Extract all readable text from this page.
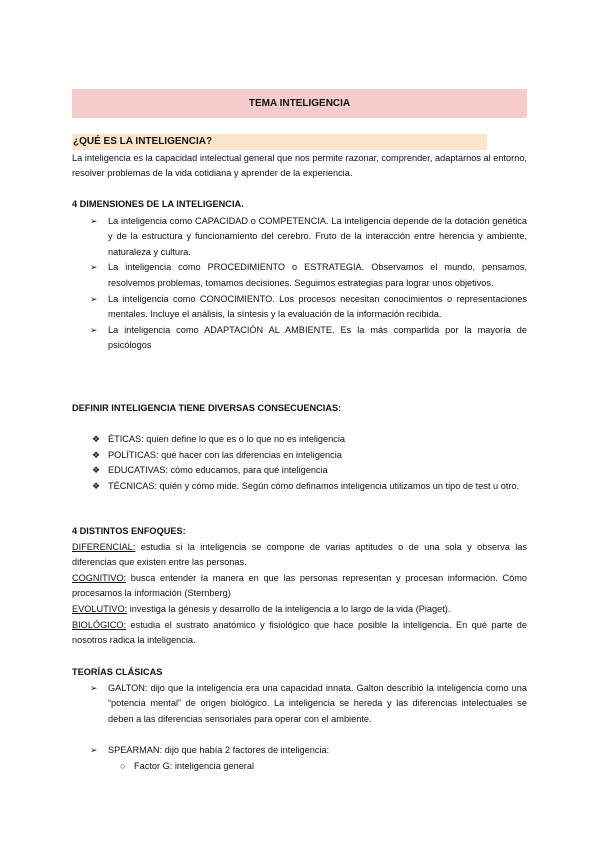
TEMA INTELIGENCIA
¿QUÉ ES LA INTELIGENCIA?
La inteligencia es la capacidad intelectual general que nos permite razonar, comprender, adaptarnos al entorno, resolver problemas de la vida cotidiana y aprender de la experiencia.
4 DIMENSIONES DE LA INTELIGENCIA.
➢ La inteligencia como CAPACIDAD o COMPETENCIA. La inteligencia depende de la dotación genética y de la estructura y funcionamiento del cerebro. Fruto de la interacción entre herencia y ambiente, naturaleza y cultura.
➢ La inteligencia como PROCEDIMIENTO o ESTRATEGIA. Observamos el mundo, pensamos, resolvemos problemas, tomamos decisiones. Seguimos estrategias para lograr unos objetivos.
➢ La inteligencia como CONOCIMIENTO. Los procesos necesitan conocimientos o representaciones mentales. Incluye el análisis, la síntesis y la evaluación de la información recibida.
➢ La inteligencia como ADAPTACIÓN AL AMBIENTE. Es la más compartida por la mayoría de psicólogos
DEFINIR INTELIGENCIA TIENE DIVERSAS CONSECUENCIAS:
❖ ÉTICAS: quien define lo que es o lo que no es inteligencia
❖ POLÍTICAS: qué hacer con las diferencias en inteligencia
❖ EDUCATIVAS: cómo educamos, para qué inteligencia
❖ TÉCNICAS: quién y cómo mide. Según cómo definamos inteligencia utilizamos un tipo de test u otro.
4 DISTINTOS ENFOQUES:
DIFERENCIAL: estudia si la inteligencia se compone de varias aptitudes o de una sola y observa las diferencias que existen entre las personas.
COGNITIVO: busca entender la manera en que las personas representan y procesan información. Cómo procesamos la información (Sternberg)
EVOLUTIVO: investiga la génesis y desarrollo de la inteligencia a lo largo de la vida (Piaget).
BIOLÓGICO: estudia el sustrato anatómico y fisiológico que hace posible la inteligencia. En qué parte de nosotros radica la inteligencia.
TEORÍAS CLÁSICAS
➢ GALTON: dijo que la inteligencia era una capacidad innata. Galton describió la inteligencia como una “potencia mental” de origen biológico. La inteligencia se hereda y las diferencias intelectuales se deben a las diferencias sensoriales para operar con el ambiente.
➢ SPEARMAN: dijo que había 2 factores de inteligencia:
○ Factor G: inteligencia general
